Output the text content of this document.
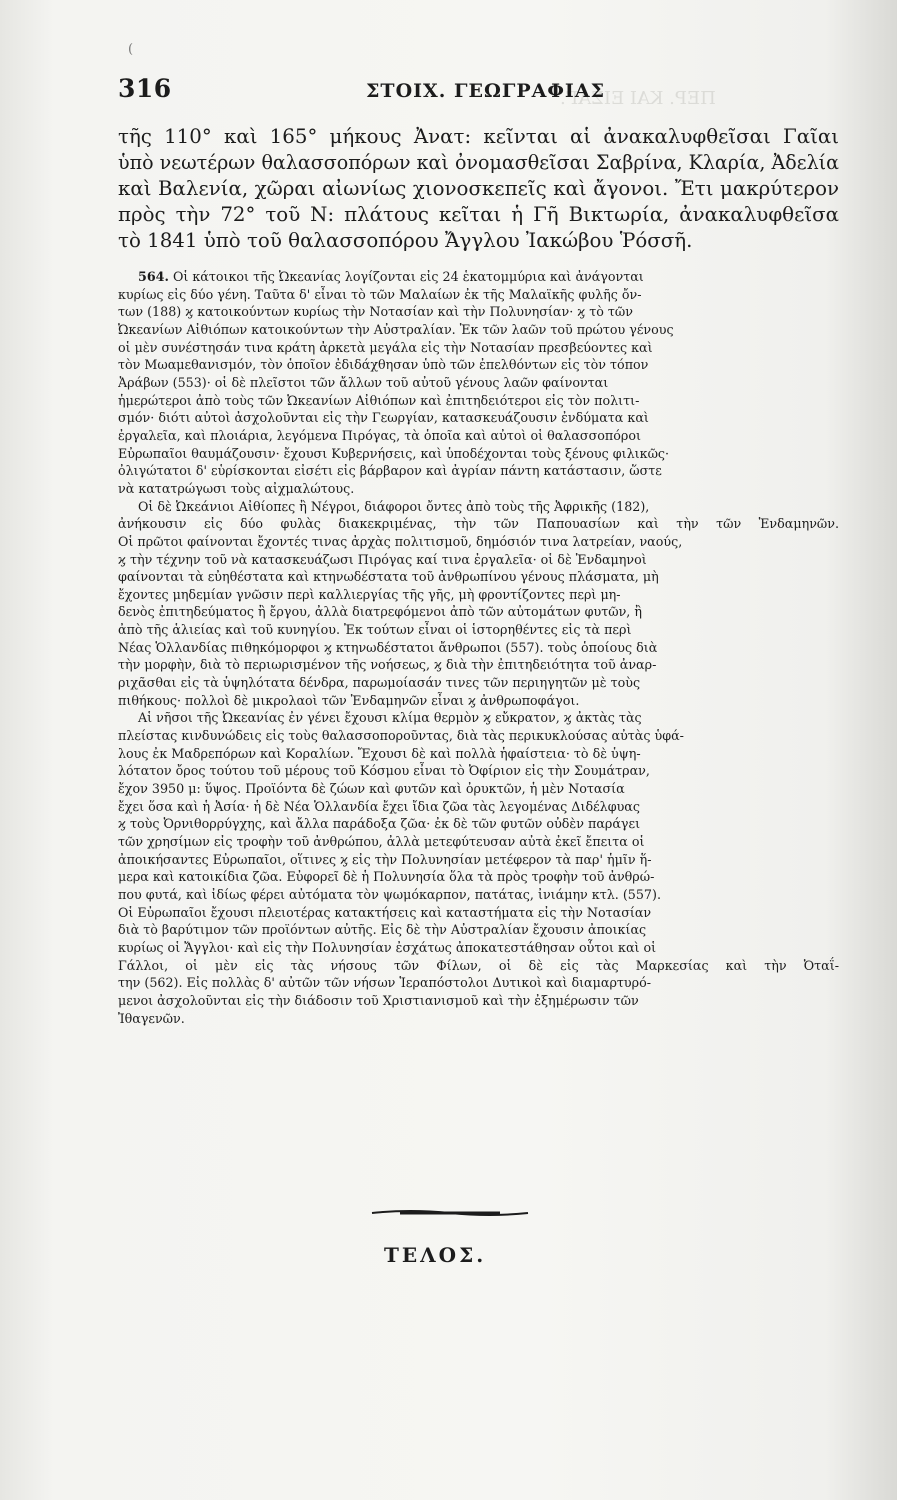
ΠΕΡ. ΚΑΙ ΕΙΣΑΓ.
(
316	ΣΤΟΙΧ. ΓΕΩΓΡΑΦΙΑΣ
τῆς 110° καὶ 165° μήκους Ἀνατ: κεῖνται αἱ ἀνακαλυφθεῖσαι Γαῖαι
ὑπὸ νεωτέρων θαλασσοπόρων καὶ ὀνομασθεῖσαι Σαβρίνα, Κλαρία, Ἀδελία
καὶ Βαλενία, χῶραι αἰωνίως χιονοσκεπεῖς καὶ ἄγονοι. Ἔτι μακρύτερον
πρὸς τὴν 72° τοῦ Ν: πλάτους κεῖται ἡ Γῆ Βικτωρία, ἀνακαλυφθεῖσα
τὸ 1841 ὑπὸ τοῦ θαλασσοπόρου Ἄγγλου Ἰακώβου Ῥόσσῆ.
564. Οἱ κάτοικοι τῆς Ὠκεανίας λογίζονται εἰς 24 ἑκατομμύρια καὶ ἀνάγονται
κυρίως εἰς δύο γένη. Ταῦτα δ' εἶναι τὸ τῶν Μαλαίων ἐκ τῆς Μαλαϊκῆς φυλῆς ὄν-
των (188) ϗ κατοικούντων κυρίως τὴν Νοτασίαν καὶ τὴν Πολυνησίαν· ϗ τὸ τῶν
Ὠκεανίων Αἰθιόπων κατοικούντων τὴν Αὐστραλίαν. Ἐκ τῶν λαῶν τοῦ πρώτου γένους
οἱ μὲν συνέστησάν τινα κράτη ἀρκετὰ μεγάλα εἰς τὴν Νοτασίαν πρεσβεύοντες καὶ
τὸν Μωαμεθανισμόν, τὸν ὁποῖον ἐδιδάχθησαν ὑπὸ τῶν ἐπελθόντων εἰς τὸν τόπον
Ἀράβων (553)· οἱ δὲ πλεῖστοι τῶν ἄλλων τοῦ αὐτοῦ γένους λαῶν φαίνονται
ἡμερώτεροι ἀπὸ τοὺς τῶν Ὠκεανίων Αἰθιόπων καὶ ἐπιτηδειότεροι εἰς τὸν πολιτι-
σμόν· διότι αὐτοὶ ἀσχολοῦνται εἰς τὴν Γεωργίαν, κατασκευάζουσιν ἐνδύματα καὶ
ἐργαλεῖα, καὶ πλοιάρια, λεγόμενα Πιρόγας, τὰ ὁποῖα καὶ αὐτοὶ οἱ θαλασσοπόροι
Εὐρωπαῖοι θαυμάζουσιν· ἔχουσι Κυβερνήσεις, καὶ ὑποδέχονται τοὺς ξένους φιλικῶς·
ὀλιγώτατοι δ' εὑρίσκονται εἰσέτι εἰς βάρβαρον καὶ ἀγρίαν πάντη κατάστασιν, ὥστε
νὰ κατατρώγωσι τοὺς αἰχμαλώτους.
Οἱ δὲ Ὠκεάνιοι Αἰθίοπες ἢ Νέγροι, διάφοροι ὄντες ἀπὸ τοὺς τῆς Ἀφρικῆς (182),
ἀνήκουσιν εἰς δύο φυλὰς διακεκριμένας, τὴν τῶν Παπουασίων καὶ τὴν τῶν Ἐνδαμηνῶν.
Οἱ πρῶτοι φαίνονται ἔχοντές τινας ἀρχὰς πολιτισμοῦ, δημόσιόν τινα λατρείαν, ναούς,
ϗ τὴν τέχνην τοῦ νὰ κατασκευάζωσι Πιρόγας καί τινα ἐργαλεῖα· οἱ δὲ Ἐνδαμηνοὶ
φαίνονται τὰ εὐηθέστατα καὶ κτηνωδέστατα τοῦ ἀνθρωπίνου γένους πλάσματα, μὴ
ἔχοντες μηδεμίαν γνῶσιν περὶ καλλιεργίας τῆς γῆς, μὴ φροντίζοντες περὶ μη-
δενὸς ἐπιτηδεύματος ἢ ἔργου, ἀλλὰ διατρεφόμενοι ἀπὸ τῶν αὐτομάτων φυτῶν, ἢ
ἀπὸ τῆς ἁλιείας καὶ τοῦ κυνηγίου. Ἐκ τούτων εἶναι οἱ ἱστορηθέντες εἰς τὰ περὶ
Νέας Ὁλλανδίας πιθηκόμορφοι ϗ κτηνωδέστατοι ἄνθρωποι (557). τοὺς ὁποίους διὰ
τὴν μορφὴν, διὰ τὸ περιωρισμένον τῆς νοήσεως, ϗ διὰ τὴν ἐπιτηδειότητα τοῦ ἀναρ-
ριχᾶσθαι εἰς τὰ ὑψηλότατα δένδρα, παρωμοίασάν τινες τῶν περιηγητῶν μὲ τοὺς
πιθήκους· πολλοὶ δὲ μικρολαοὶ τῶν Ἐνδαμηνῶν εἶναι ϗ ἀνθρωποφάγοι.
Αἱ νῆσοι τῆς Ὠκεανίας ἐν γένει ἔχουσι κλίμα θερμὸν ϗ εὔκρατον, ϗ ἀκτὰς τὰς
πλείστας κινδυνώδεις εἰς τοὺς θαλασσοποροῦντας, διὰ τὰς περικυκλούσας αὐτὰς ὑφά-
λους ἐκ Μαδρεπόρων καὶ Κοραλίων. Ἔχουσι δὲ καὶ πολλὰ ἡφαίστεια· τὸ δὲ ὑψη-
λότατον ὄρος τούτου τοῦ μέρους τοῦ Κόσμου εἶναι τὸ Ὀφίριον εἰς τὴν Σουμάτραν,
ἔχον 3950 μ: ὕψος. Προϊόντα δὲ ζώων καὶ φυτῶν καὶ ὀρυκτῶν, ἡ μὲν Νοτασία
ἔχει ὅσα καὶ ἡ Ἀσία· ἡ δὲ Νέα Ὁλλανδία ἔχει ἴδια ζῶα τὰς λεγομένας Διδέλφυας
ϗ τοὺς Ὀρνιθορρύγχης, καὶ ἄλλα παράδοξα ζῶα· ἐκ δὲ τῶν φυτῶν οὐδὲν παράγει
τῶν χρησίμων εἰς τροφὴν τοῦ ἀνθρώπου, ἀλλὰ μετεφύτευσαν αὐτὰ ἐκεῖ ἔπειτα οἱ
ἀποικήσαντες Εὐρωπαῖοι, οἵτινες ϗ εἰς τὴν Πολυνησίαν μετέφερον τὰ παρ' ἡμῖν ἥ-
μερα καὶ κατοικίδια ζῶα. Εὐφορεῖ δὲ ἡ Πολυνησία ὅλα τὰ πρὸς τροφὴν τοῦ ἀνθρώ-
που φυτά, καὶ ἰδίως φέρει αὐτόματα τὸν ψωμόκαρπον, πατάτας, ἰνιάμην κτλ. (557).
Οἱ Εὐρωπαῖοι ἔχουσι πλειοτέρας κατακτήσεις καὶ καταστήματα εἰς τὴν Νοτασίαν
διὰ τὸ βαρύτιμον τῶν προϊόντων αὐτῆς. Εἰς δὲ τὴν Αὐστραλίαν ἔχουσιν ἀποικίας
κυρίως οἱ Ἄγγλοι· καὶ εἰς τὴν Πολυνησίαν ἐσχάτως ἀποκατεστάθησαν οὗτοι καὶ οἱ
Γάλλοι, οἱ μὲν εἰς τὰς νήσους τῶν Φίλων, οἱ δὲ εἰς τὰς Μαρκεσίας καὶ τὴν Ὀταΐ-
την (562). Εἰς πολλὰς δ' αὐτῶν τῶν νήσων Ἱεραπόστολοι Δυτικοὶ καὶ διαμαρτυρό-
μενοι ἀσχολοῦνται εἰς τὴν διάδοσιν τοῦ Χριστιανισμοῦ καὶ τὴν ἐξημέρωσιν τῶν
Ἰθαγενῶν.
ΤΕΛΟΣ.
